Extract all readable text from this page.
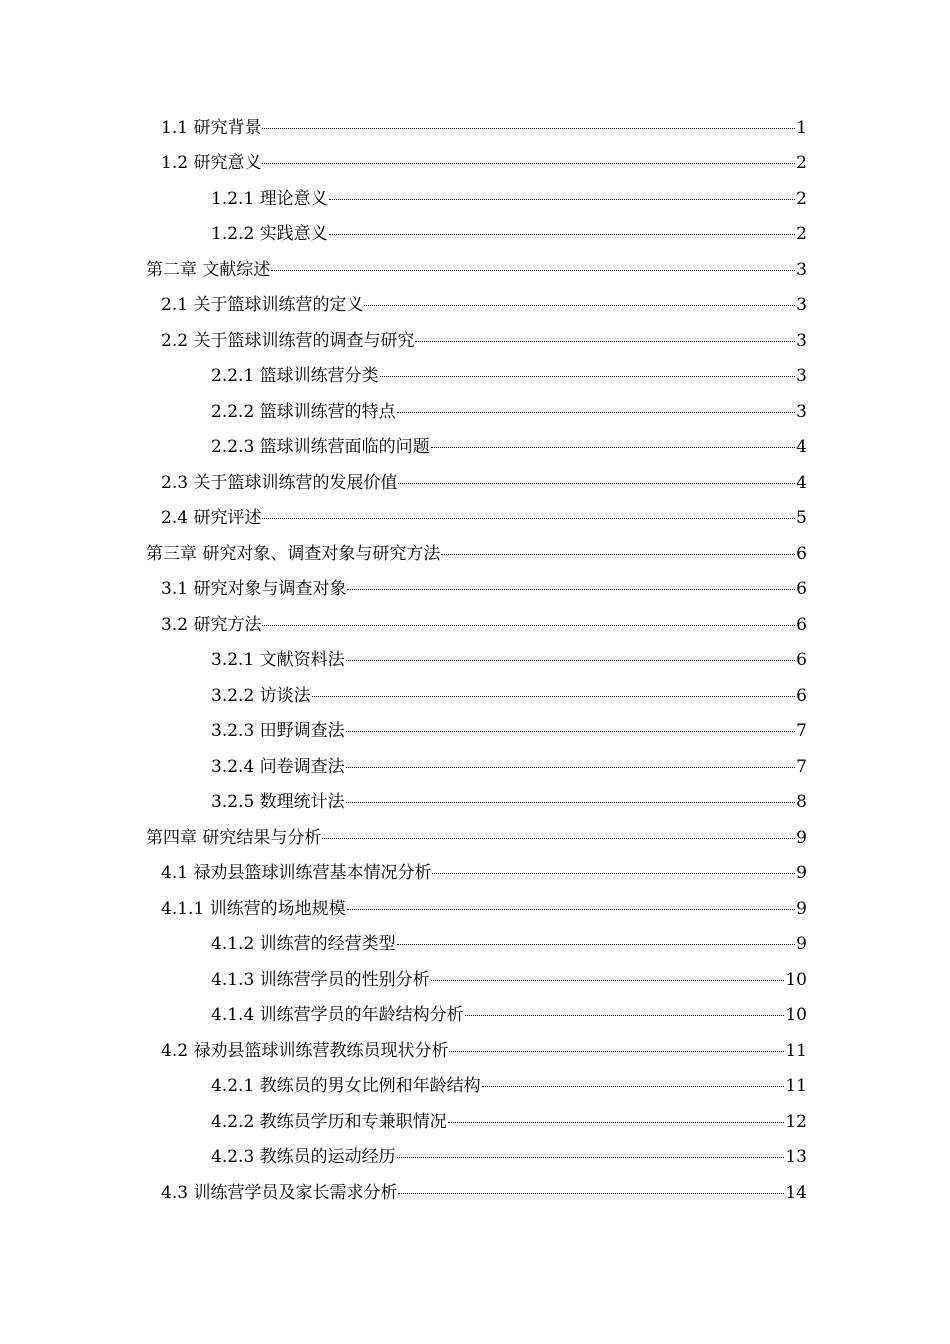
1.1 研究背景	1
1.2 研究意义	2
1.2.1 理论意义	2
1.2.2 实践意义	2
第二章 文献综述	3
2.1 关于篮球训练营的定义	3
2.2 关于篮球训练营的调查与研究	3
2.2.1 篮球训练营分类	3
2.2.2 篮球训练营的特点	3
2.2.3 篮球训练营面临的问题	4
2.3 关于篮球训练营的发展价值	4
2.4 研究评述	5
第三章 研究对象、调查对象与研究方法	6
3.1 研究对象与调查对象	6
3.2 研究方法	6
3.2.1 文献资料法	6
3.2.2 访谈法	6
3.2.3 田野调查法	7
3.2.4 问卷调查法	7
3.2.5 数理统计法	8
第四章 研究结果与分析	9
4.1 禄劝县篮球训练营基本情况分析	9
4.1.1 训练营的场地规模	9
4.1.2 训练营的经营类型	9
4.1.3 训练营学员的性别分析	10
4.1.4 训练营学员的年龄结构分析	10
4.2 禄劝县篮球训练营教练员现状分析	11
4.2.1 教练员的男女比例和年龄结构	11
4.2.2 教练员学历和专兼职情况	12
4.2.3 教练员的运动经历	13
4.3 训练营学员及家长需求分析	14
